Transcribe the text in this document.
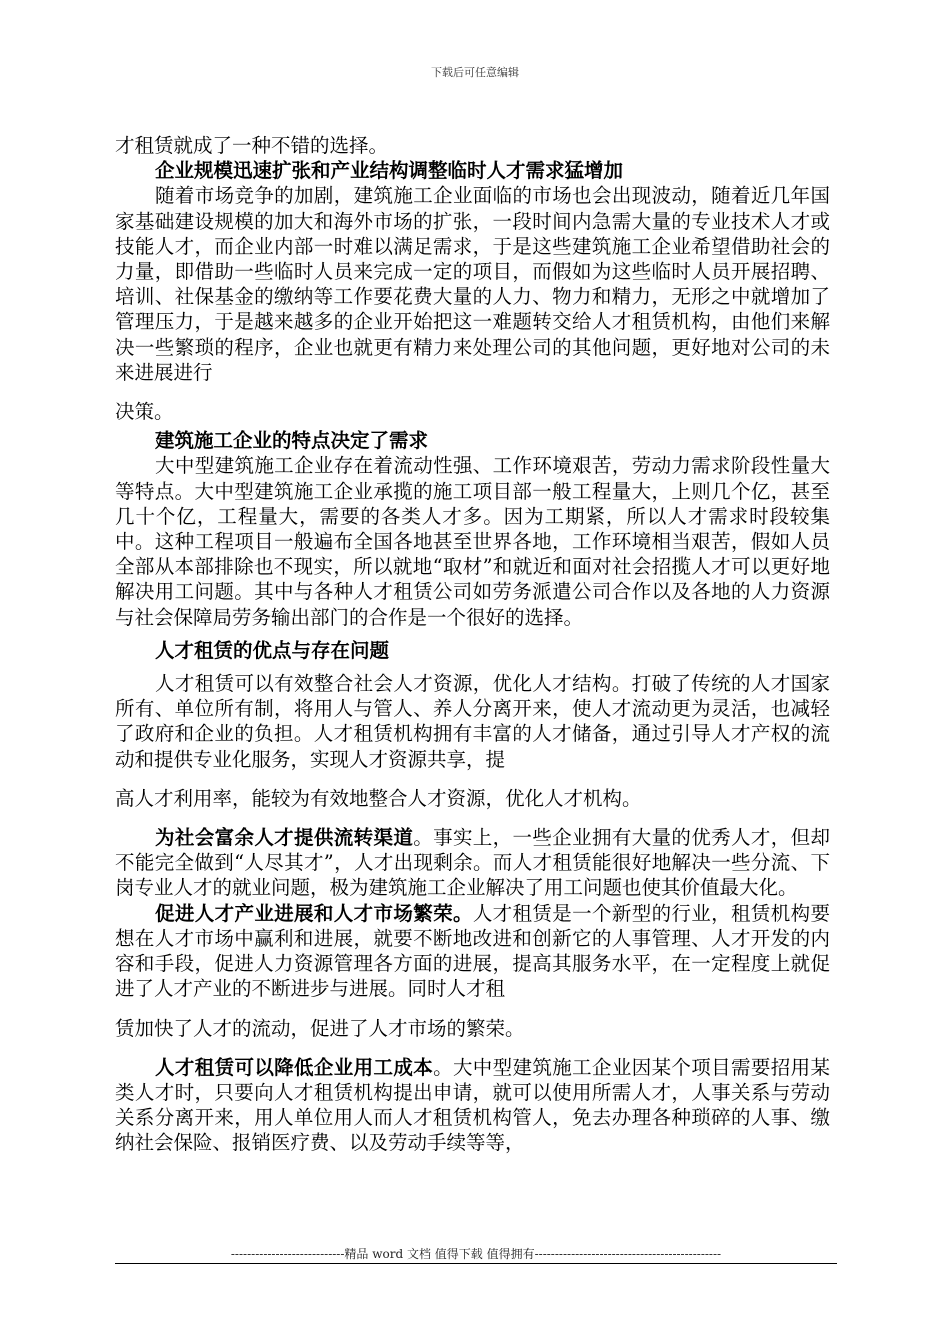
下载后可任意编辑

才租赁就成了一种不错的选择。

企业规模迅速扩张和产业结构调整临时人才需求猛增加

随着市场竞争的加剧，建筑施工企业面临的市场也会出现波动，随着近几年国家基础建设规模的加大和海外市场的扩张，一段时间内急需大量的专业技术人才或技能人才，而企业内部一时难以满足需求，于是这些建筑施工企业希望借助社会的力量，即借助一些临时人员来完成一定的项目，而假如为这些临时人员开展招聘、培训、社保基金的缴纳等工作要花费大量的人力、物力和精力，无形之中就增加了管理压力，于是越来越多的企业开始把这一难题转交给人才租赁机构，由他们来解决一些繁琐的程序，企业也就更有精力来处理公司的其他问题，更好地对公司的未来进展进行

决策。

建筑施工企业的特点决定了需求

大中型建筑施工企业存在着流动性强、工作环境艰苦，劳动力需求阶段性量大等特点。大中型建筑施工企业承揽的施工项目部一般工程量大，上则几个亿，甚至几十个亿，工程量大，需要的各类人才多。因为工期紧，所以人才需求时段较集中。这种工程项目一般遍布全国各地甚至世界各地，工作环境相当艰苦，假如人员全部从本部排除也不现实，所以就地“取材”和就近和面对社会招揽人才可以更好地解决用工问题。其中与各种人才租赁公司如劳务派遣公司合作以及各地的人力资源与社会保障局劳务输出部门的合作是一个很好的选择。

人才租赁的优点与存在问题

人才租赁可以有效整合社会人才资源，优化人才结构。打破了传统的人才国家所有、单位所有制，将用人与管人、养人分离开来，使人才流动更为灵活，也减轻了政府和企业的负担。人才租赁机构拥有丰富的人才储备，通过引导人才产权的流动和提供专业化服务，实现人才资源共享，提

高人才利用率，能较为有效地整合人才资源，优化人才机构。

为社会富余人才提供流转渠道。事实上，一些企业拥有大量的优秀人才，但却不能完全做到“人尽其才”，人才出现剩余。而人才租赁能很好地解决一些分流、下岗专业人才的就业问题，极为建筑施工企业解决了用工问题也使其价值最大化。

促进人才产业进展和人才市场繁荣。人才租赁是一个新型的行业，租赁机构要想在人才市场中赢利和进展，就要不断地改进和创新它的人事管理、人才开发的内容和手段，促进人力资源管理各方面的进展，提高其服务水平，在一定程度上就促进了人才产业的不断进步与进展。同时人才租

赁加快了人才的流动，促进了人才市场的繁荣。

人才租赁可以降低企业用工成本。大中型建筑施工企业因某个项目需要招用某类人才时，只要向人才租赁机构提出申请，就可以使用所需人才，人事关系与劳动关系分离开来，用人单位用人而人才租赁机构管人，免去办理各种琐碎的人事、缴纳社会保险、报销医疗费、以及劳动手续等等，

----------------------------精品 word 文档 值得下载 值得拥有----------------------------------------------
